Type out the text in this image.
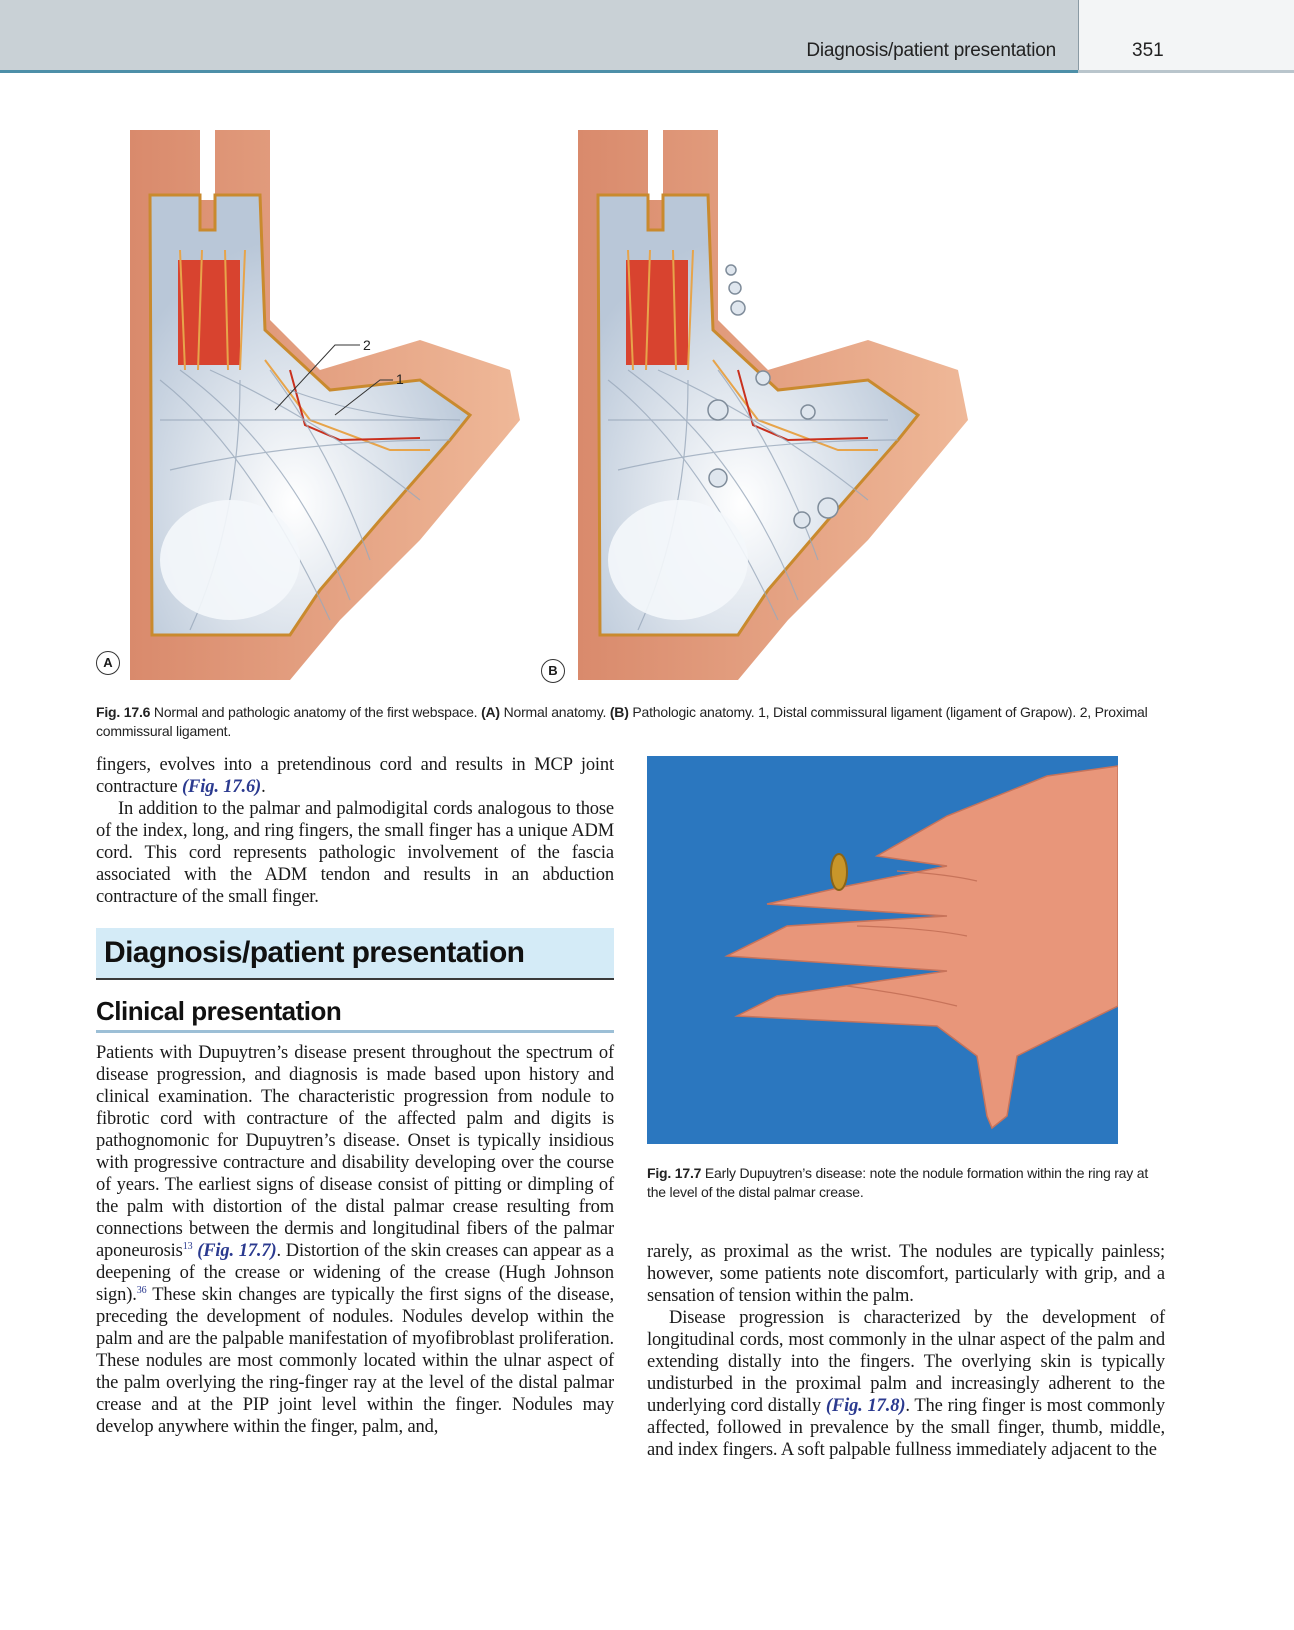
Diagnosis/patient presentation	351
2
1
A
B
Fig. 17.6 Normal and pathologic anatomy of the first webspace. (A) Normal anatomy. (B) Pathologic anatomy. 1, Distal commissural ligament (ligament of Grapow). 2, Proximal commissural ligament.

fingers, evolves into a pretendinous cord and results in MCP joint contracture (Fig. 17.6).

In addition to the palmar and palmodigital cords analogous to those of the index, long, and ring fingers, the small finger has a unique ADM cord. This cord represents pathologic involvement of the fascia associated with the ADM tendon and results in an abduction contracture of the small finger.

Diagnosis/patient presentation
Clinical presentation

Patients with Dupuytren’s disease present throughout the spectrum of disease progression, and diagnosis is made based upon history and clinical examination. The characteristic progression from nodule to fibrotic cord with contracture of the affected palm and digits is pathognomonic for Dupuytren’s disease. Onset is typically insidious with progressive contracture and disability developing over the course of years. The earliest signs of disease consist of pitting or dimpling of the palm with distortion of the distal palmar crease resulting from connections between the dermis and longitudinal fibers of the palmar aponeurosis$^{13}$ (Fig. 17.7). Distortion of the skin creases can appear as a deepening of the crease or widening of the crease (Hugh Johnson sign).$^{36}$ These skin changes are typically the first signs of the disease, preceding the development of nodules. Nodules develop within the palm and are the palpable manifestation of myofibroblast proliferation. These nodules are most commonly located within the ulnar aspect of the palm overlying the ring-finger ray at the level of the distal palmar crease and at the PIP joint level within the finger. Nodules may develop anywhere within the finger, palm, and,

Fig. 17.7 Early Dupuytren’s disease: note the nodule formation within the ring ray at the level of the distal palmar crease.

rarely, as proximal as the wrist. The nodules are typically painless; however, some patients note discomfort, particularly with grip, and a sensation of tension within the palm.

Disease progression is characterized by the development of longitudinal cords, most commonly in the ulnar aspect of the palm and extending distally into the fingers. The overlying skin is typically undisturbed in the proximal palm and increasingly adherent to the underlying cord distally (Fig. 17.8). The ring finger is most commonly affected, followed in prevalence by the small finger, thumb, middle, and index fingers. A soft palpable fullness immediately adjacent to the
